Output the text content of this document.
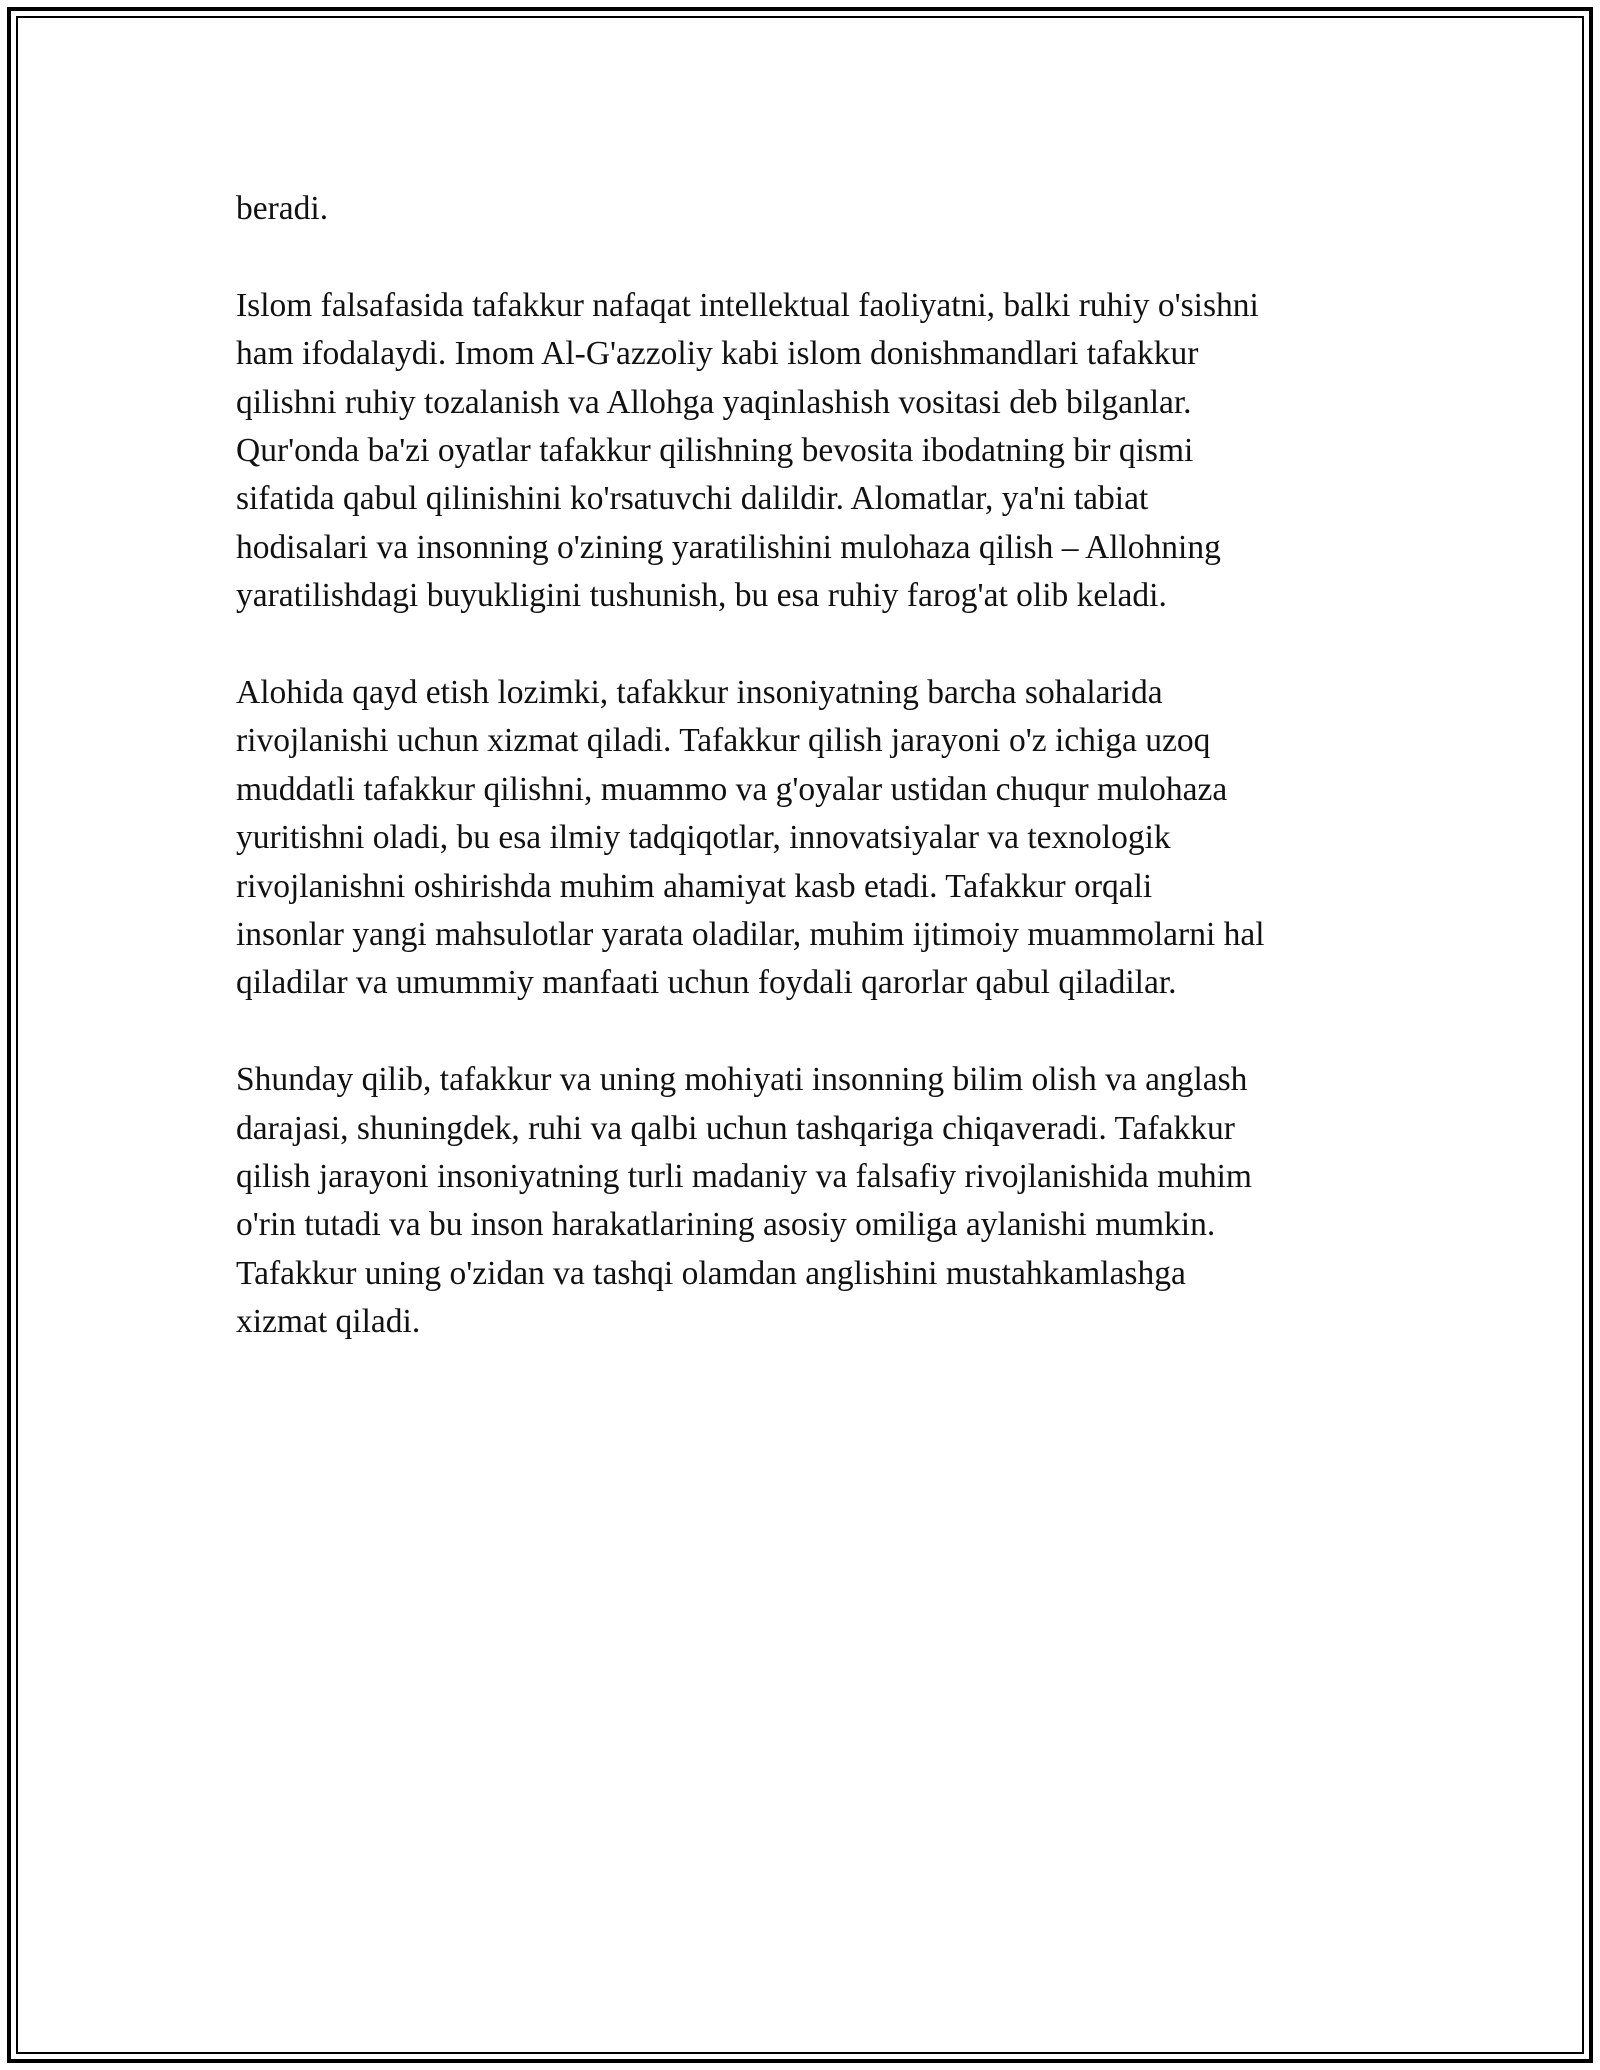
beradi.

Islom falsafasida tafakkur nafaqat intellektual faoliyatni, balki ruhiy o'sishni
ham ifodalaydi. Imom Al-G'azzoliy kabi islom donishmandlari tafakkur
qilishni ruhiy tozalanish va Allohga yaqinlashish vositasi deb bilganlar.
Qur'onda ba'zi oyatlar tafakkur qilishning bevosita ibodatning bir qismi
sifatida qabul qilinishini ko'rsatuvchi dalildir. Alomatlar, ya'ni tabiat
hodisalari va insonning o'zining yaratilishini mulohaza qilish – Allohning
yaratilishdagi buyukligini tushunish, bu esa ruhiy farog'at olib keladi.

Alohida qayd etish lozimki, tafakkur insoniyatning barcha sohalarida
rivojlanishi uchun xizmat qiladi. Tafakkur qilish jarayoni o'z ichiga uzoq
muddatli tafakkur qilishni, muammo va g'oyalar ustidan chuqur mulohaza
yuritishni oladi, bu esa ilmiy tadqiqotlar, innovatsiyalar va texnologik
rivojlanishni oshirishda muhim ahamiyat kasb etadi. Tafakkur orqali
insonlar yangi mahsulotlar yarata oladilar, muhim ijtimoiy muammolarni hal
qiladilar va umummiy manfaati uchun foydali qarorlar qabul qiladilar.

Shunday qilib, tafakkur va uning mohiyati insonning bilim olish va anglash
darajasi, shuningdek, ruhi va qalbi uchun tashqariga chiqaveradi. Tafakkur
qilish jarayoni insoniyatning turli madaniy va falsafiy rivojlanishida muhim
o'rin tutadi va bu inson harakatlarining asosiy omiliga aylanishi mumkin.
Tafakkur uning o'zidan va tashqi olamdan anglishini mustahkamlashga
xizmat qiladi.
